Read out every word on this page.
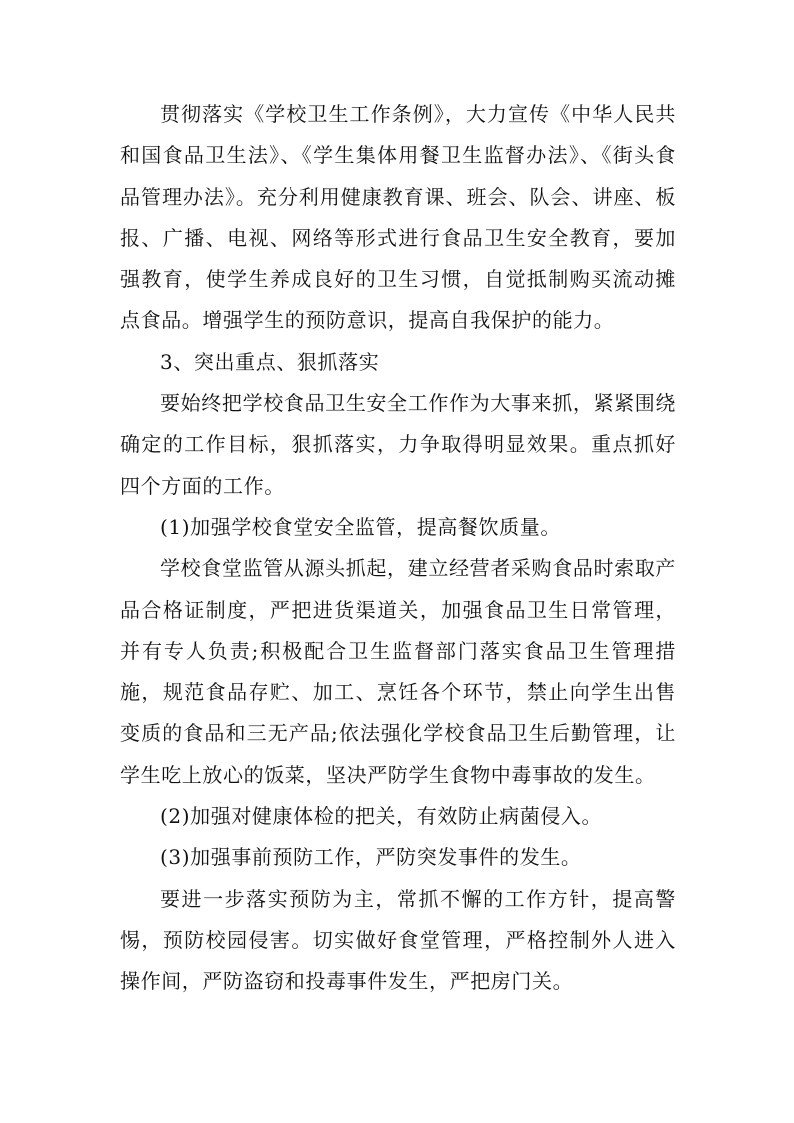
贯彻落实《学校卫生工作条例》，大力宣传《中华人民共和国食品卫生法》、《学生集体用餐卫生监督办法》、《街头食品管理办法》。充分利用健康教育课、班会、队会、讲座、板报、广播、电视、网络等形式进行食品卫生安全教育，要加强教育，使学生养成良好的卫生习惯，自觉抵制购买流动摊点食品。增强学生的预防意识，提高自我保护的能力。

3、突出重点、狠抓落实

要始终把学校食品卫生安全工作作为大事来抓，紧紧围绕确定的工作目标，狠抓落实，力争取得明显效果。重点抓好四个方面的工作。

(1)加强学校食堂安全监管，提高餐饮质量。

学校食堂监管从源头抓起，建立经营者采购食品时索取产品合格证制度，严把进货渠道关，加强食品卫生日常管理，并有专人负责;积极配合卫生监督部门落实食品卫生管理措施，规范食品存贮、加工、烹饪各个环节，禁止向学生出售变质的食品和三无产品;依法强化学校食品卫生后勤管理，让学生吃上放心的饭菜，坚决严防学生食物中毒事故的发生。

(2)加强对健康体检的把关，有效防止病菌侵入。

(3)加强事前预防工作，严防突发事件的发生。

要进一步落实预防为主，常抓不懈的工作方针，提高警惕，预防校园侵害。切实做好食堂管理，严格控制外人进入操作间，严防盗窃和投毒事件发生，严把房门关。
